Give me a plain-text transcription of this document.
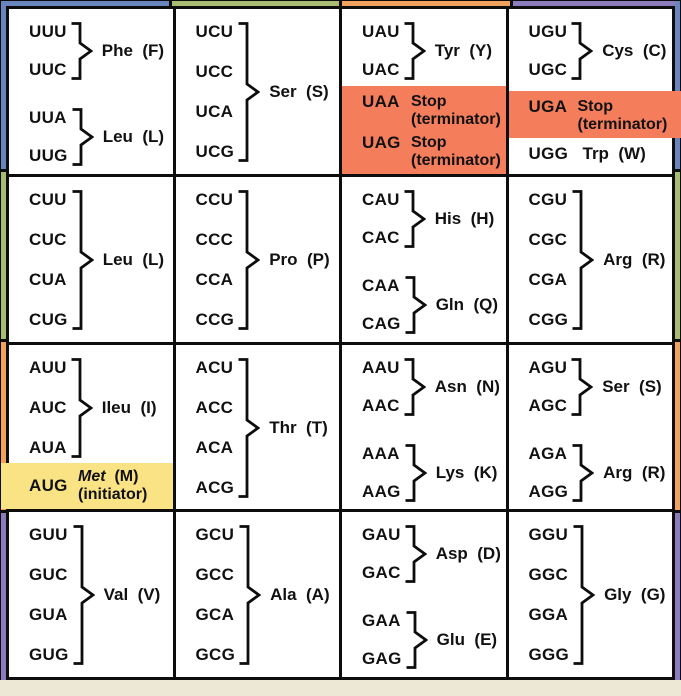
UUU
UUC
Phe  (F)
UUA
UUG
Leu  (L)
UCU
UCC
UCA
UCG
Ser  (S)
UAU
UAC
Tyr  (Y)
UAA Stop
(terminator)
UAG Stop
(terminator)
UGU
UGC
Cys  (C)
UGA Stop
(terminator)
UGG Trp  (W)
CUU
CUC
CUA
CUG
Leu  (L)
CCU
CCC
CCA
CCG
Pro  (P)
CAU
CAC
His  (H)
CAA
CAG
Gln  (Q)
CGU
CGC
CGA
CGG
Arg  (R)
AUU
AUC
AUA
Ileu  (I)
AUG Met  (M)
(initiator)
ACU
ACC
ACA
ACG
Thr  (T)
AAU
AAC
Asn  (N)
AAA
AAG
Lys  (K)
AGU
AGC
Ser  (S)
AGA
AGG
Arg  (R)
GUU
GUC
GUA
GUG
Val  (V)
GCU
GCC
GCA
GCG
Ala  (A)
GAU
GAC
Asp  (D)
GAA
GAG
Glu  (E)
GGU
GGC
GGA
GGG
Gly  (G)
